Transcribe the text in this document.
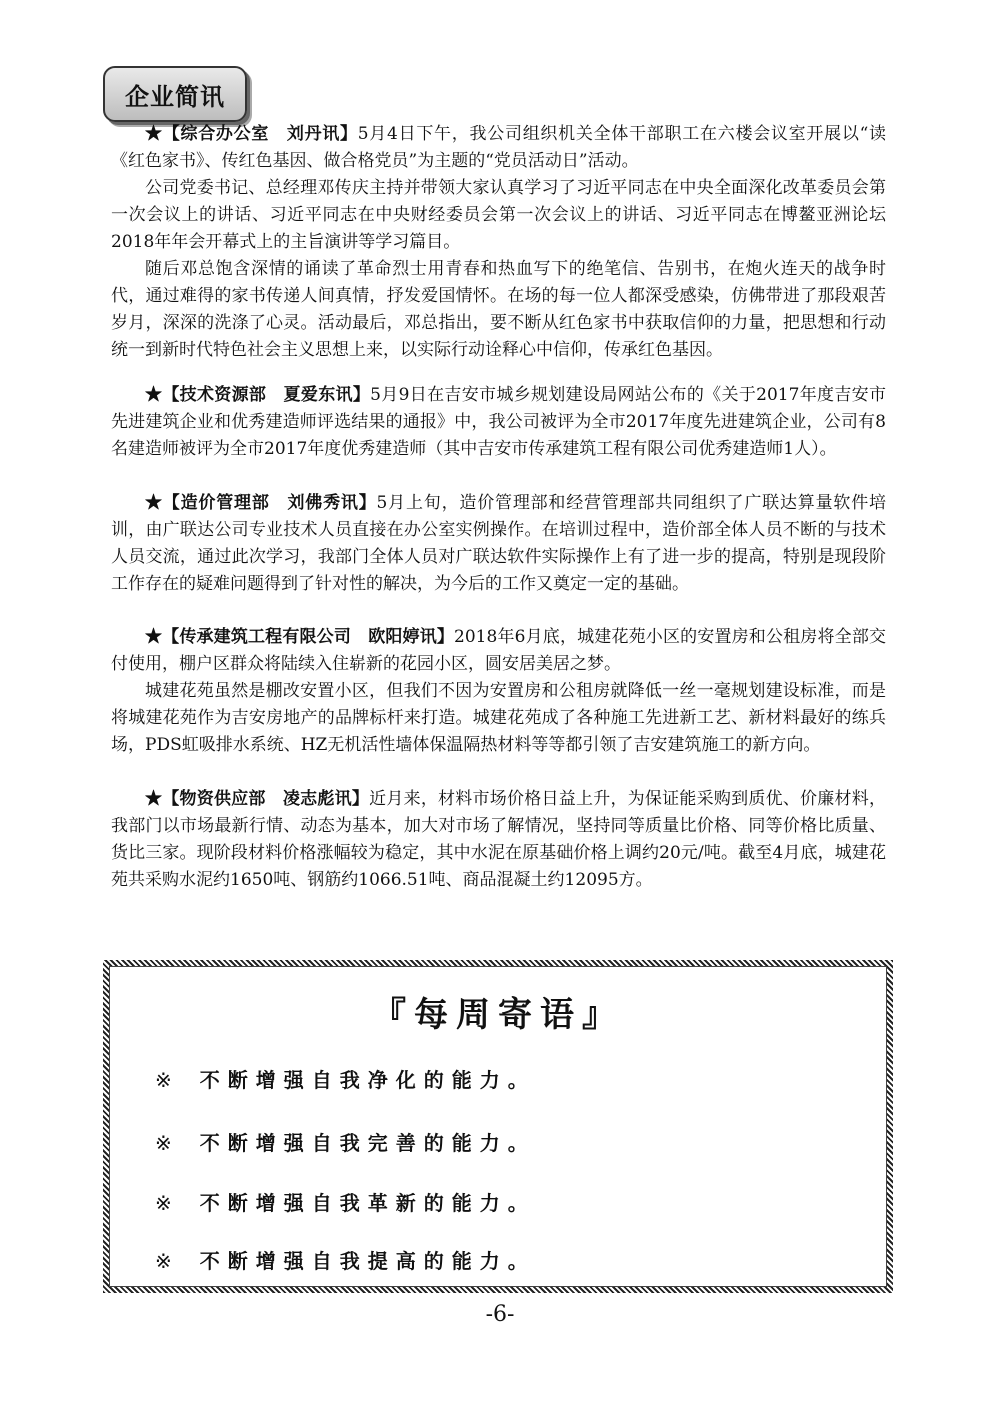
企业简讯

★【综合办公室　刘丹讯】5月4日下午，我公司组织机关全体干部职工在六楼会议室开展以“读《红色家书》、传红色基因、做合格党员”为主题的“党员活动日”活动。

公司党委书记、总经理邓传庆主持并带领大家认真学习了习近平同志在中央全面深化改革委员会第一次会议上的讲话、习近平同志在中央财经委员会第一次会议上的讲话、习近平同志在博鳌亚洲论坛2018年年会开幕式上的主旨演讲等学习篇目。

随后邓总饱含深情的诵读了革命烈士用青春和热血写下的绝笔信、告别书，在炮火连天的战争时代，通过难得的家书传递人间真情，抒发爱国情怀。在场的每一位人都深受感染，仿佛带进了那段艰苦岁月，深深的洗涤了心灵。活动最后，邓总指出，要不断从红色家书中获取信仰的力量，把思想和行动统一到新时代特色社会主义思想上来，以实际行动诠释心中信仰，传承红色基因。

★【技术资源部　夏爱东讯】5月9日在吉安市城乡规划建设局网站公布的《关于2017年度吉安市先进建筑企业和优秀建造师评选结果的通报》中，我公司被评为全市2017年度先进建筑企业，公司有8名建造师被评为全市2017年度优秀建造师（其中吉安市传承建筑工程有限公司优秀建造师1人）。

★【造价管理部　刘佛秀讯】5月上旬，造价管理部和经营管理部共同组织了广联达算量软件培训，由广联达公司专业技术人员直接在办公室实例操作。在培训过程中，造价部全体人员不断的与技术人员交流，通过此次学习，我部门全体人员对广联达软件实际操作上有了进一步的提高，特别是现段阶工作存在的疑难问题得到了针对性的解决，为今后的工作又奠定一定的基础。

★【传承建筑工程有限公司　欧阳婷讯】2018年6月底，城建花苑小区的安置房和公租房将全部交付使用，棚户区群众将陆续入住崭新的花园小区，圆安居美居之梦。

城建花苑虽然是棚改安置小区，但我们不因为安置房和公租房就降低一丝一毫规划建设标准，而是将城建花苑作为吉安房地产的品牌标杆来打造。城建花苑成了各种施工先进新工艺、新材料最好的练兵场，PDS虹吸排水系统、HZ无机活性墙体保温隔热材料等等都引领了吉安建筑施工的新方向。

★【物资供应部　凌志彪讯】近月来，材料市场价格日益上升，为保证能采购到质优、价廉材料，我部门以市场最新行情、动态为基本，加大对市场了解情况，坚持同等质量比价格、同等价格比质量、货比三家。现阶段材料价格涨幅较为稳定，其中水泥在原基础价格上调约20元/吨。截至4月底，城建花苑共采购水泥约1650吨、钢筋约1066.51吨、商品混凝土约12095方。

『每周寄语』
※ 不断增强自我净化的能力。
※ 不断增强自我完善的能力。
※ 不断增强自我革新的能力。
※ 不断增强自我提高的能力。
-6-
